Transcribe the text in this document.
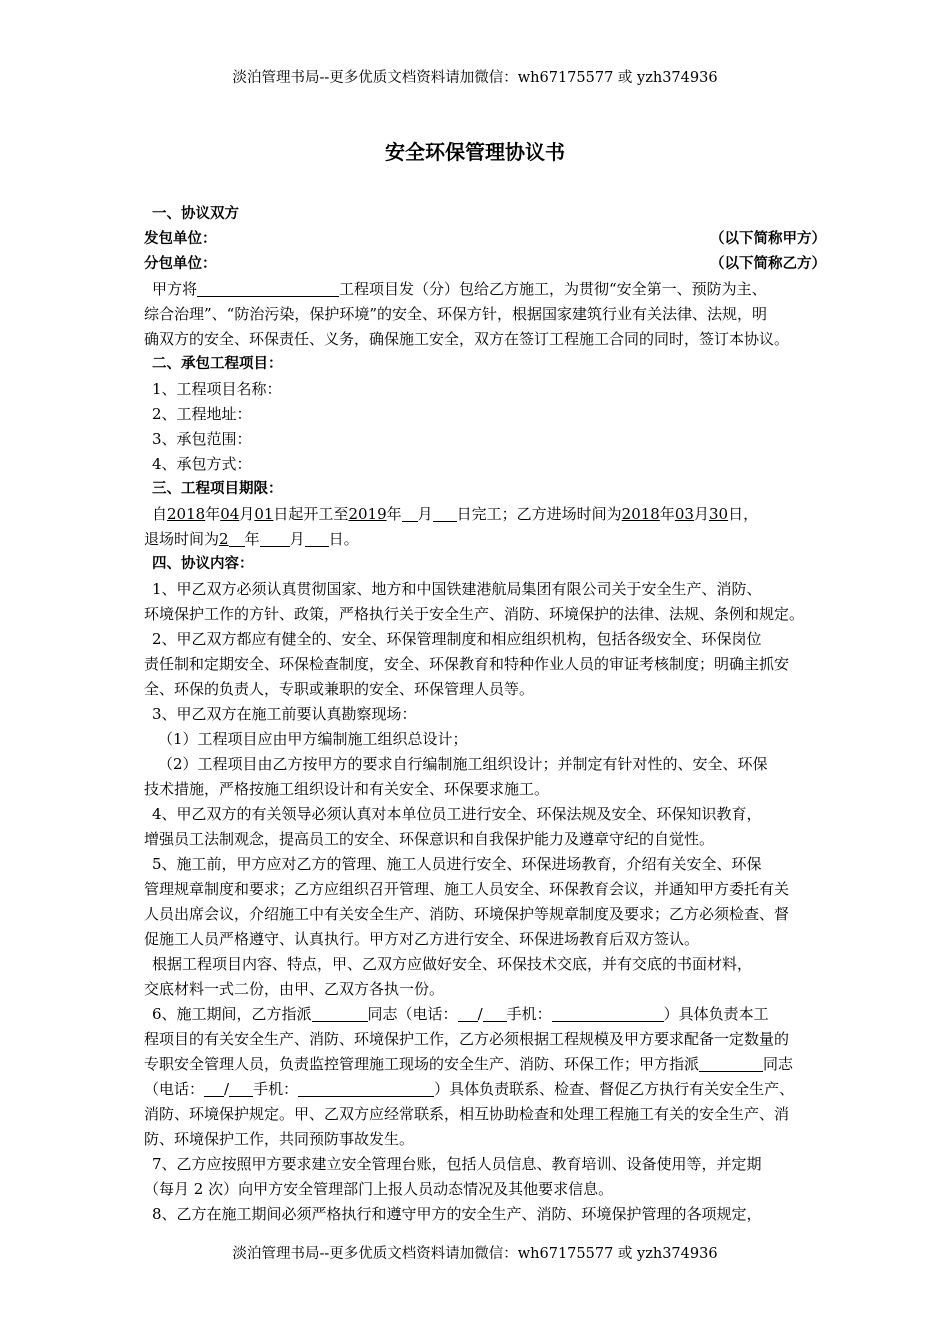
淡泊管理书局--更多优质文档资料请加微信：wh67175577 或 yzh374936
安全环保管理协议书
一、协议双方
发包单位：	（以下简称甲方）
分包单位：	（以下简称乙方）
甲方将	工程项目发（分）包给乙方施工，为贯彻“安全第一、预防为主、
综合治理”、“防治污染，保护环境”的安全、环保方针，根据国家建筑行业有关法律、法规，明
确双方的安全、环保责任、义务，确保施工安全，双方在签订工程施工合同的同时，签订本协议。
二、承包工程项目：
1、工程项目名称：
2、工程地址：
3、承包范围：
4、承包方式：
三、工程项目期限：
自2018年04月01日起开工至2019年 月 日完工；乙方进场时间为2018年03月30日，
退场时间为2 年 月 日。
四、协议内容：
1、甲乙双方必须认真贯彻国家、地方和中国铁建港航局集团有限公司关于安全生产、消防、
环境保护工作的方针、政策，严格执行关于安全生产、消防、环境保护的法律、法规、条例和规定。
2、甲乙双方都应有健全的、安全、环保管理制度和相应组织机构，包括各级安全、环保岗位
责任制和定期安全、环保检查制度，安全、环保教育和特种作业人员的审证考核制度；明确主抓安
全、环保的负责人，专职或兼职的安全、环保管理人员等。
3、甲乙双方在施工前要认真勘察现场：
（1）工程项目应由甲方编制施工组织总设计；
（2）工程项目由乙方按甲方的要求自行编制施工组织设计；并制定有针对性的、安全、环保
技术措施，严格按施工组织设计和有关安全、环保要求施工。
4、甲乙双方的有关领导必须认真对本单位员工进行安全、环保法规及安全、环保知识教育，
增强员工法制观念，提高员工的安全、环保意识和自我保护能力及遵章守纪的自觉性。
5、施工前，甲方应对乙方的管理、施工人员进行安全、环保进场教育，介绍有关安全、环保
管理规章制度和要求；乙方应组织召开管理、施工人员安全、环保教育会议，并通知甲方委托有关
人员出席会议，介绍施工中有关安全生产、消防、环境保护等规章制度及要求；乙方必须检查、督
促施工人员严格遵守、认真执行。甲方对乙方进行安全、环保进场教育后双方签认。
根据工程项目内容、特点，甲、乙双方应做好安全、环保技术交底，并有交底的书面材料，
交底材料一式二份，由甲、乙双方各执一份。
6、施工期间，乙方指派	同志（电话： / 手机：	）具体负责本工
程项目的有关安全生产、消防、环境保护工作，乙方必须根据工程规模及甲方要求配备一定数量的
专职安全管理人员，负责监控管理施工现场的安全生产、消防、环保工作；甲方指派	同志
（电话： / 手机：	）具体负责联系、检查、督促乙方执行有关安全生产、
消防、环境保护规定。甲、乙双方应经常联系，相互协助检查和处理工程施工有关的安全生产、消
防、环境保护工作，共同预防事故发生。
7、乙方应按照甲方要求建立安全管理台账，包括人员信息、教育培训、设备使用等，并定期
（每月 2 次）向甲方安全管理部门上报人员动态情况及其他要求信息。
8、乙方在施工期间必须严格执行和遵守甲方的安全生产、消防、环境保护管理的各项规定，
淡泊管理书局--更多优质文档资料请加微信：wh67175577 或 yzh374936
